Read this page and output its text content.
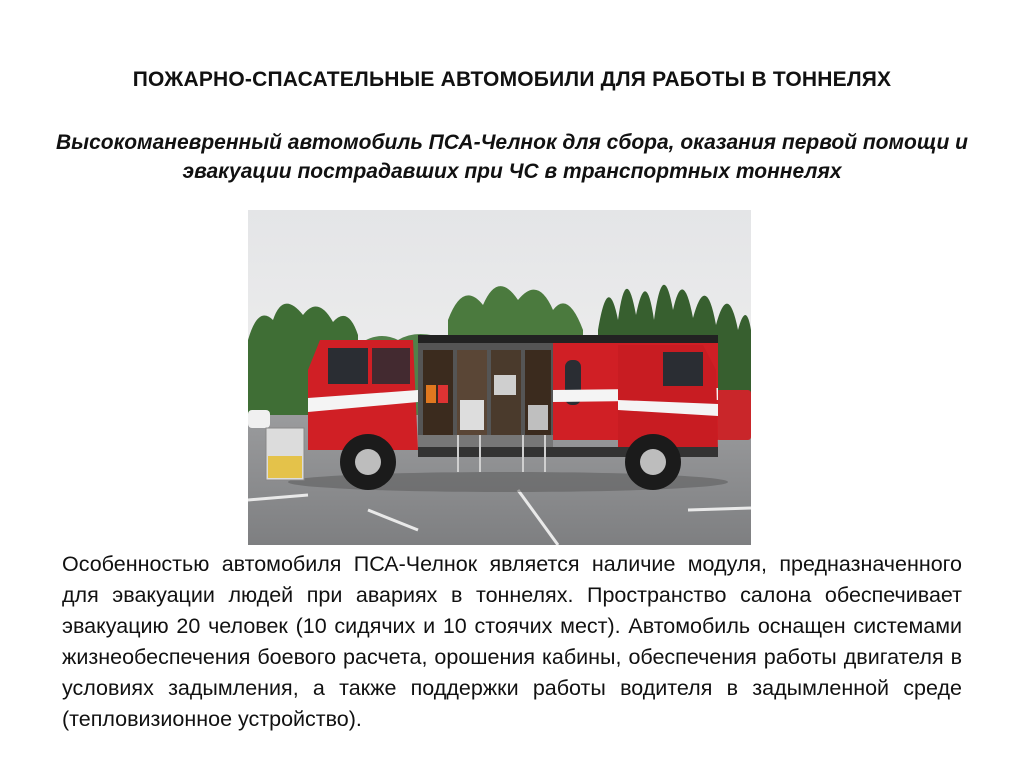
ПОЖАРНО-СПАСАТЕЛЬНЫЕ АВТОМОБИЛИ ДЛЯ РАБОТЫ В ТОННЕЛЯХ
Высокоманевренный автомобиль ПСА-Челнок для сбора, оказания первой помощи и эвакуации пострадавших при ЧС в транспортных тоннелях
Особенностью автомобиля ПСА-Челнок является наличие модуля, предназначенного для эвакуации людей при авариях в тоннелях. Пространство салона обеспечивает эвакуацию 20 человек (10 сидячих и 10 стоячих мест). Автомобиль оснащен системами жизнеобеспечения боевого расчета, орошения кабины, обеспечения работы двигателя в условиях задымления, а также поддержки работы водителя в задымленной среде (тепловизионное устройство).
